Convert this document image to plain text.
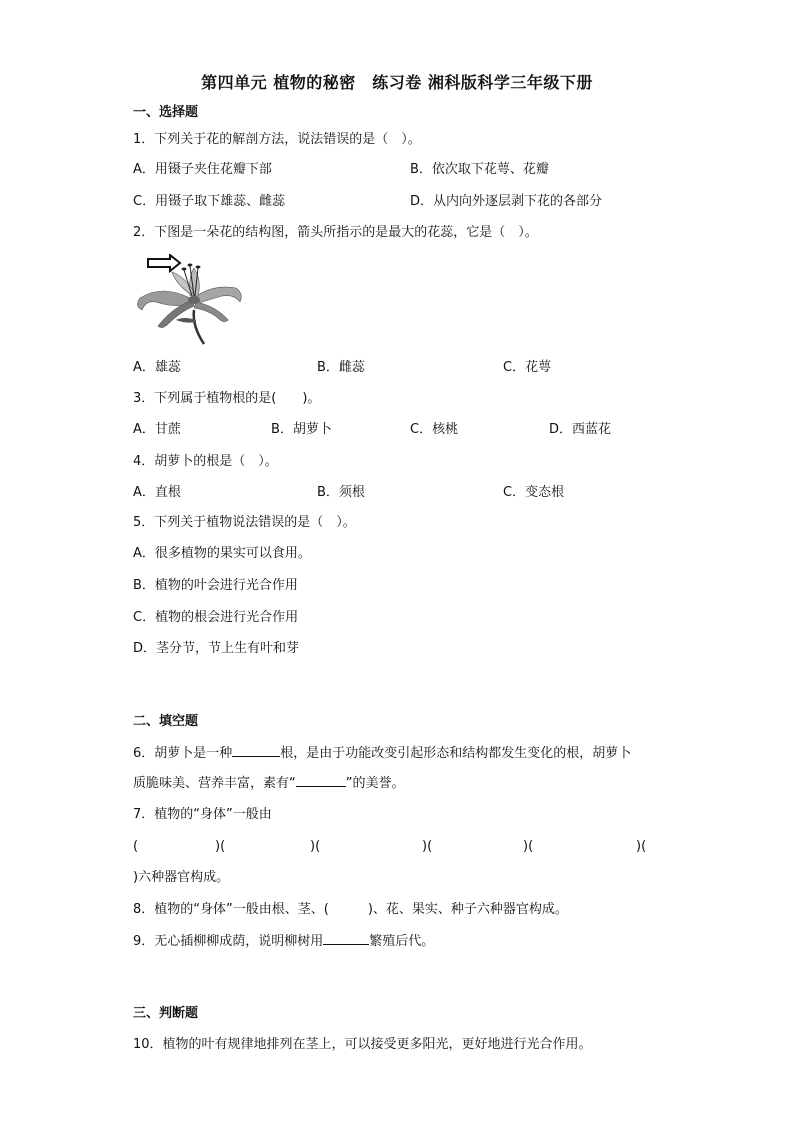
第四单元 植物的秘密　练习卷 湘科版科学三年级下册
一、选择题
1．下列关于花的解剖方法，说法错误的是（　）。
A．用镊子夹住花瓣下部	B．依次取下花萼、花瓣
C．用镊子取下雄蕊、雌蕊	D．从内向外逐层剥下花的各部分
2．下图是一朵花的结构图，箭头所指示的是最大的花蕊，它是（　）。
A．雄蕊	B．雌蕊	C．花萼
3．下列属于植物根的是(　　)。
A．甘蔗	B．胡萝卜	C．核桃	D．西蓝花
4．胡萝卜的根是（　）。
A．直根	B．须根	C．变态根
5．下列关于植物说法错误的是（　）。
A．很多植物的果实可以食用。
B．植物的叶会进行光合作用
C．植物的根会进行光合作用
D．茎分节，节上生有叶和芽
二、填空题
6．胡萝卜是一种	根，是由于功能改变引起形态和结构都发生变化的根，胡萝卜
质脆味美、营养丰富，素有“	”的美誉。
7．植物的“身体”一般由
(	)(	)(	)(	)(	)(
)六种器官构成。
8．植物的“身体”一般由根、茎、(　　　)、花、果实、种子六种器官构成。
9．无心插柳柳成荫，说明柳树用	繁殖后代。
三、判断题
10．植物的叶有规律地排列在茎上，可以接受更多阳光，更好地进行光合作用。
